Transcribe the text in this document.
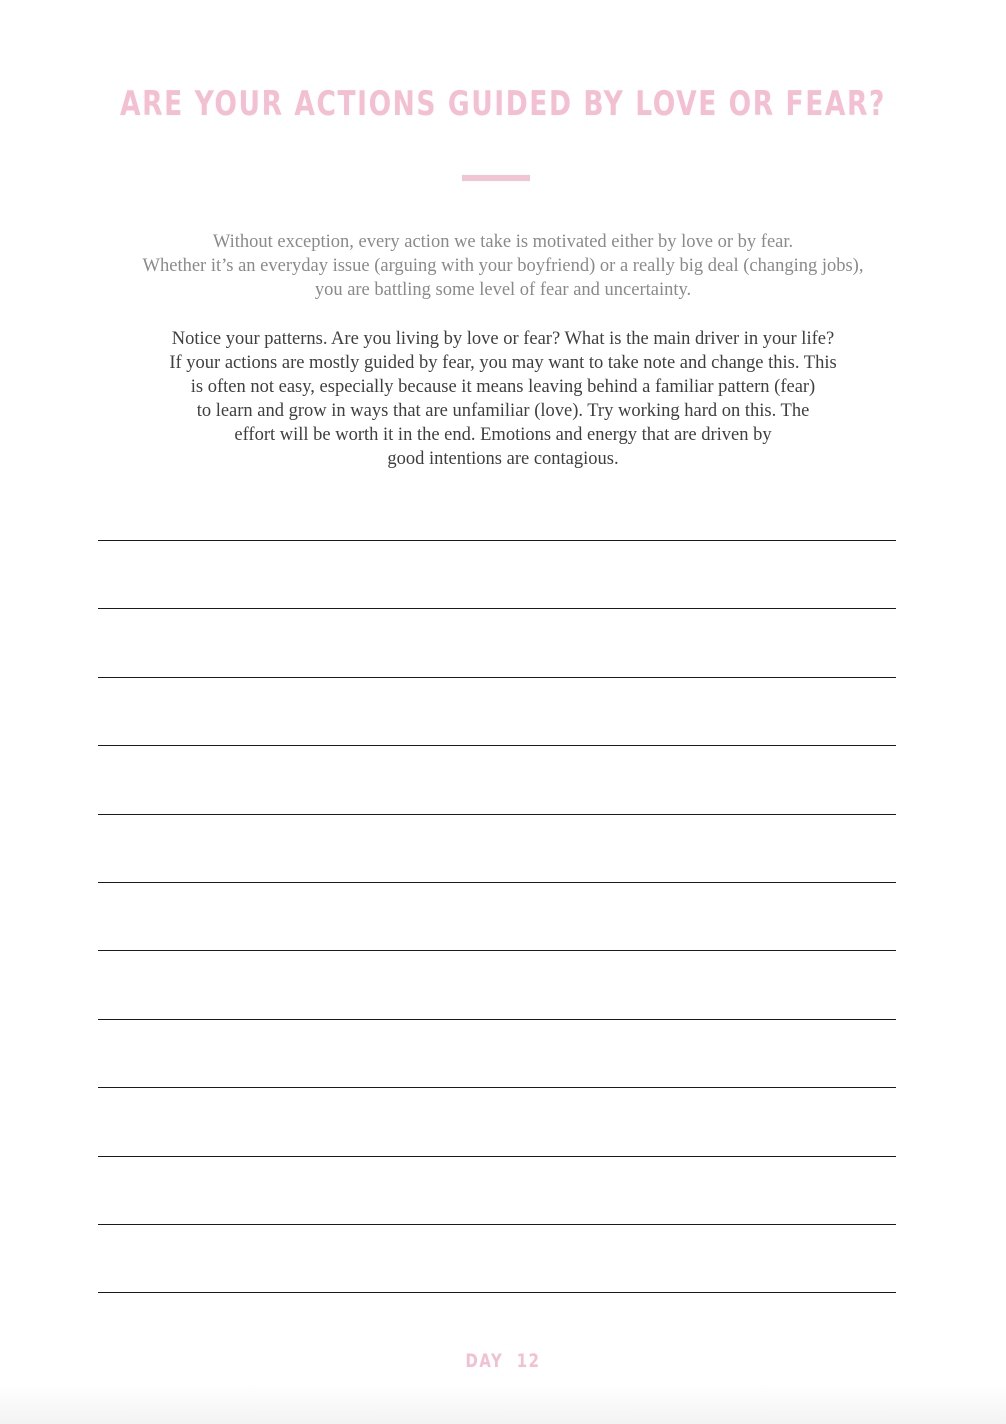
ARE YOUR ACTIONS GUIDED BY LOVE OR FEAR?

Without exception, every action we take is motivated either by love or by fear.
Whether it’s an everyday issue (arguing with your boyfriend) or a really big deal (changing jobs),
you are battling some level of fear and uncertainty.

Notice your patterns. Are you living by love or fear? What is the main driver in your life?
If your actions are mostly guided by fear, you may want to take note and change this. This
is often not easy, especially because it means leaving behind a familiar pattern (fear)
to learn and grow in ways that are unfamiliar (love). Try working hard on this. The
effort will be worth it in the end. Emotions and energy that are driven by
good intentions are contagious.

DAY 12
